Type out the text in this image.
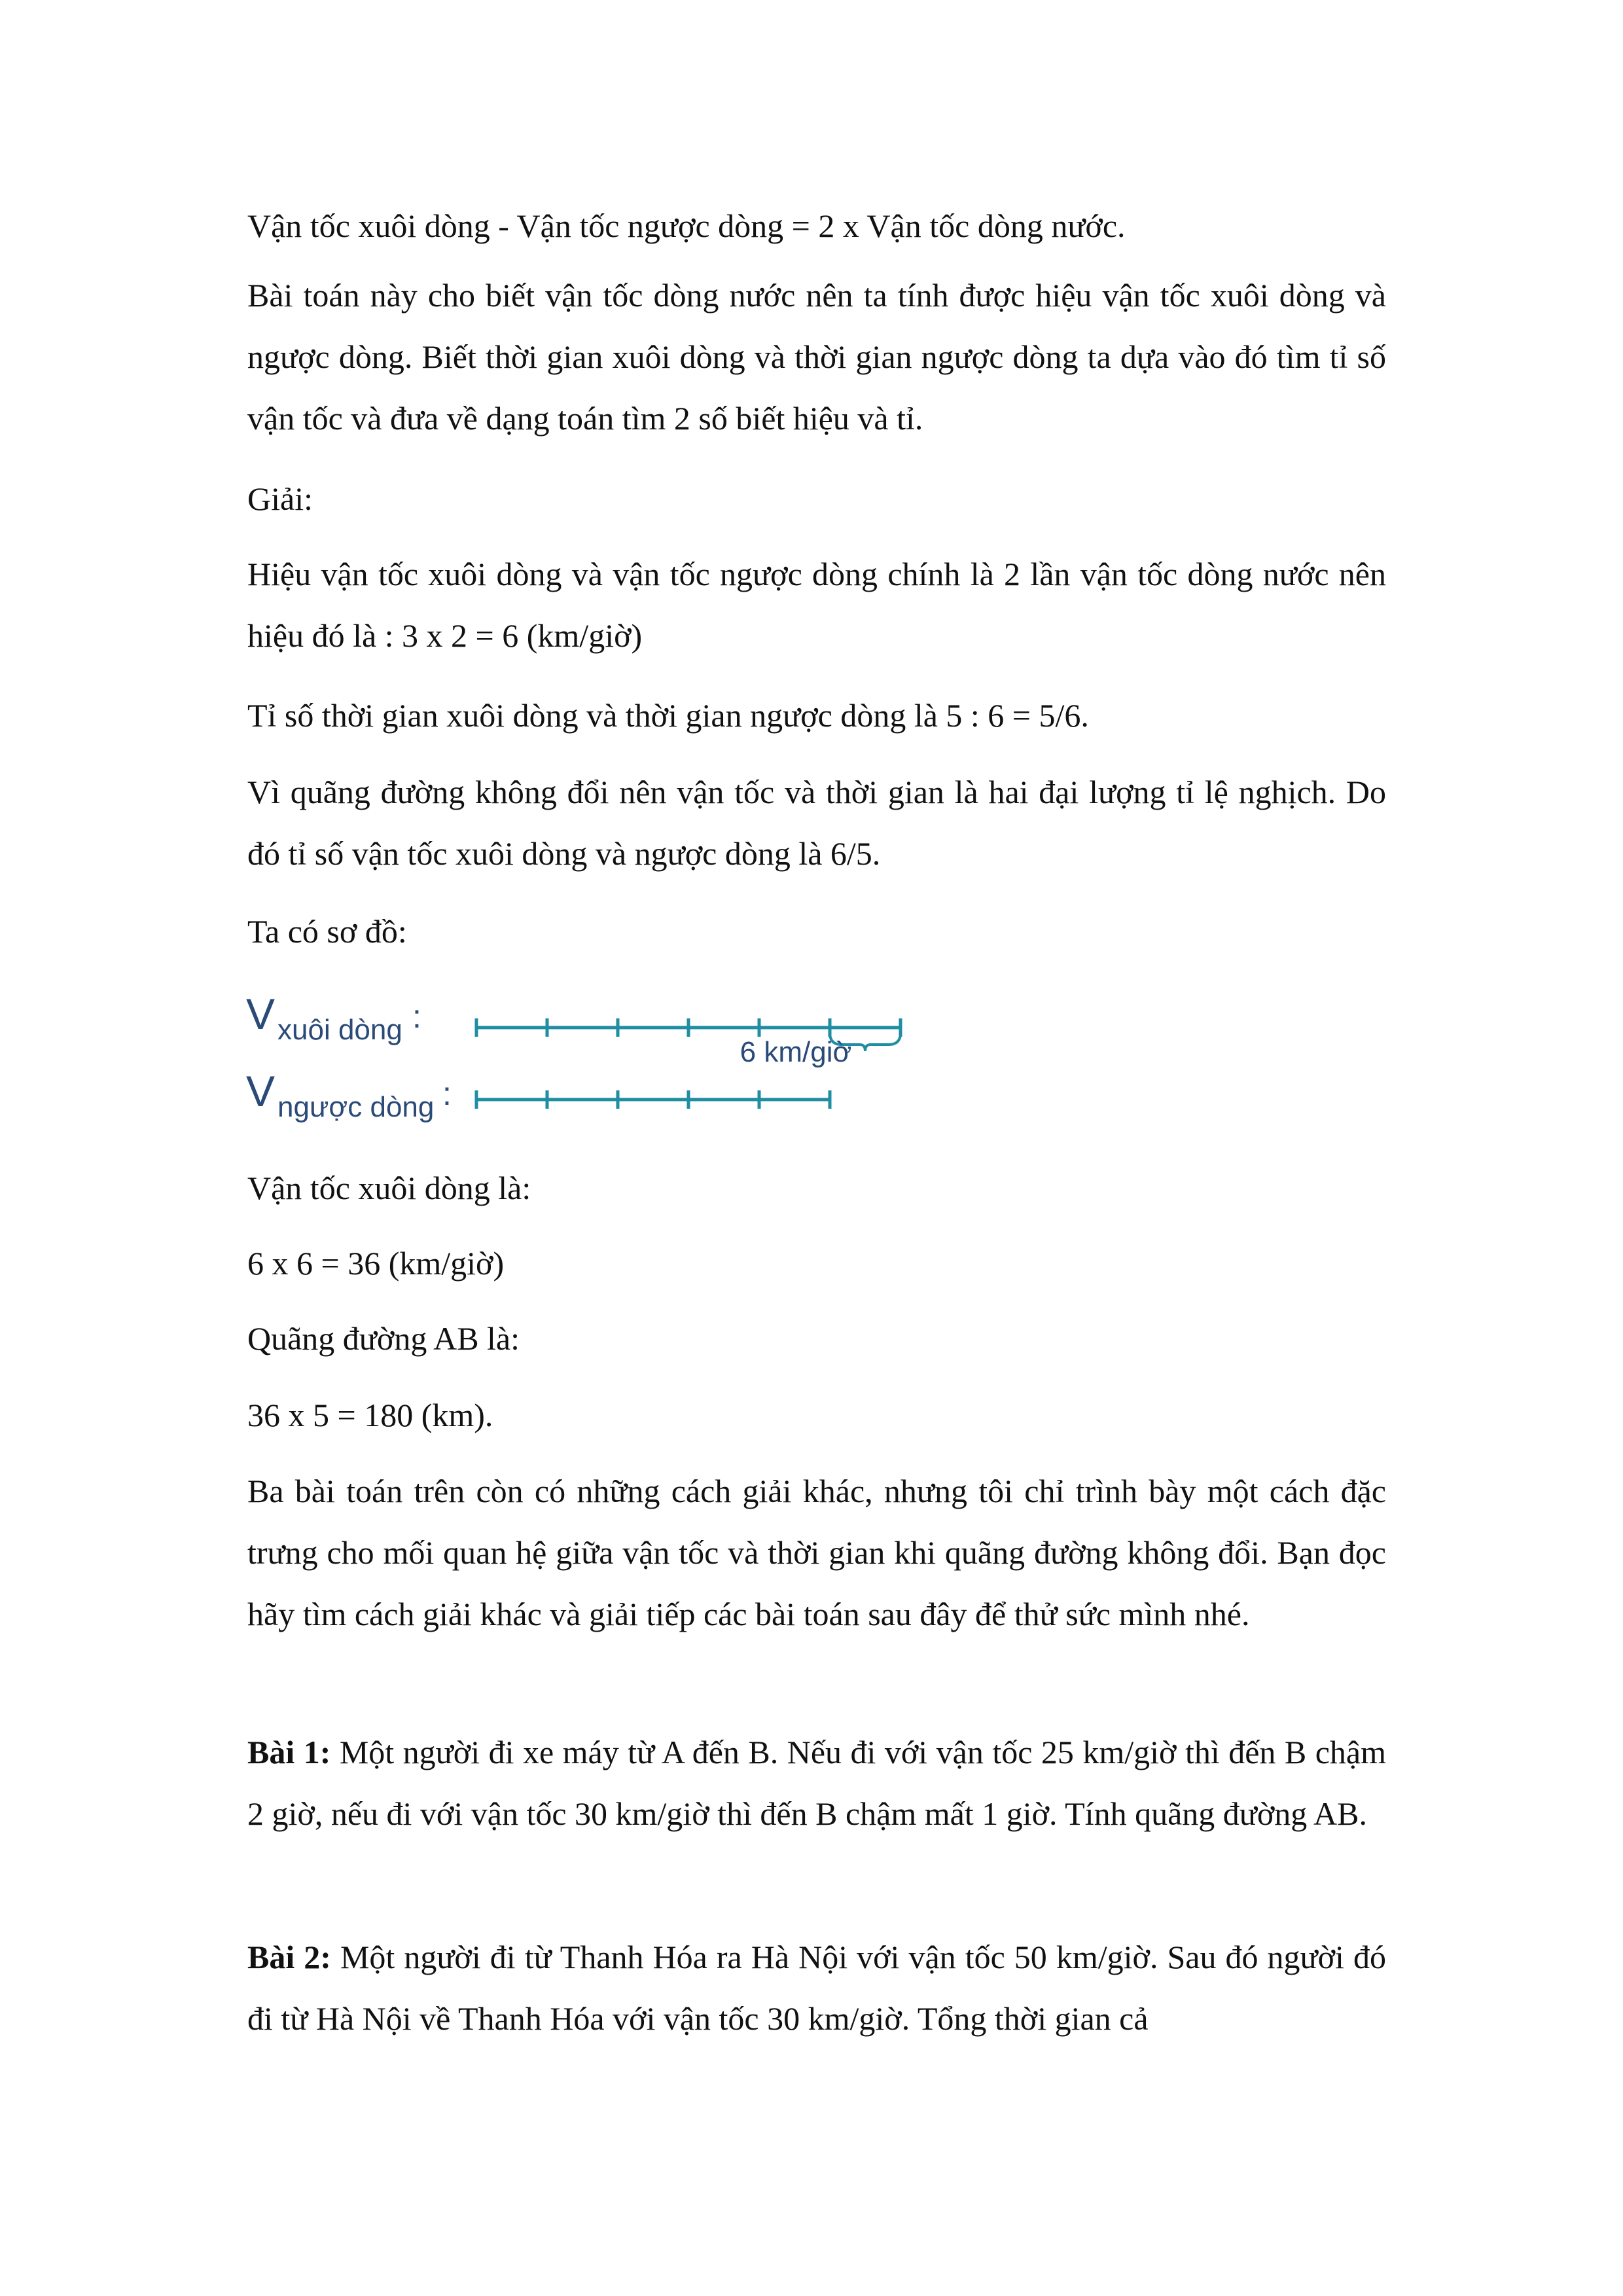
Vận tốc xuôi dòng - Vận tốc ngược dòng = 2 x Vận tốc dòng nước.

Bài toán này cho biết vận tốc dòng nước nên ta tính được hiệu vận tốc xuôi dòng và ngược dòng. Biết thời gian xuôi dòng và thời gian ngược dòng ta dựa vào đó tìm tỉ số vận tốc và đưa về dạng toán tìm 2 số biết hiệu và tỉ.

Giải:

Hiệu vận tốc xuôi dòng và vận tốc ngược dòng chính là 2 lần vận tốc dòng nước nên hiệu đó là : 3 x 2 = 6 (km/giờ)

Tỉ số thời gian xuôi dòng và thời gian ngược dòng là 5 : 6 = 5/6.

Vì quãng đường không đổi nên vận tốc và thời gian là hai đại lượng tỉ lệ nghịch. Do đó tỉ số vận tốc xuôi dòng và ngược dòng là 6/5.

Ta có sơ đồ:

V xuôi dòng :
V ngược dòng :
6 km/giờ

Vận tốc xuôi dòng là:

6 x 6 = 36 (km/giờ)

Quãng đường AB là:

36 x 5 = 180 (km).

Ba bài toán trên còn có những cách giải khác, nhưng tôi chỉ trình bày một cách đặc trưng cho mối quan hệ giữa vận tốc và thời gian khi quãng đường không đổi. Bạn đọc hãy tìm cách giải khác và giải tiếp các bài toán sau đây để thử sức mình nhé.

Bài 1: Một người đi xe máy từ A đến B. Nếu đi với vận tốc 25 km/giờ thì đến B chậm 2 giờ, nếu đi với vận tốc 30 km/giờ thì đến B chậm mất 1 giờ. Tính quãng đường AB.

Bài 2: Một người đi từ Thanh Hóa ra Hà Nội với vận tốc 50 km/giờ. Sau đó người đó đi từ Hà Nội về Thanh Hóa với vận tốc 30 km/giờ. Tổng thời gian cả
